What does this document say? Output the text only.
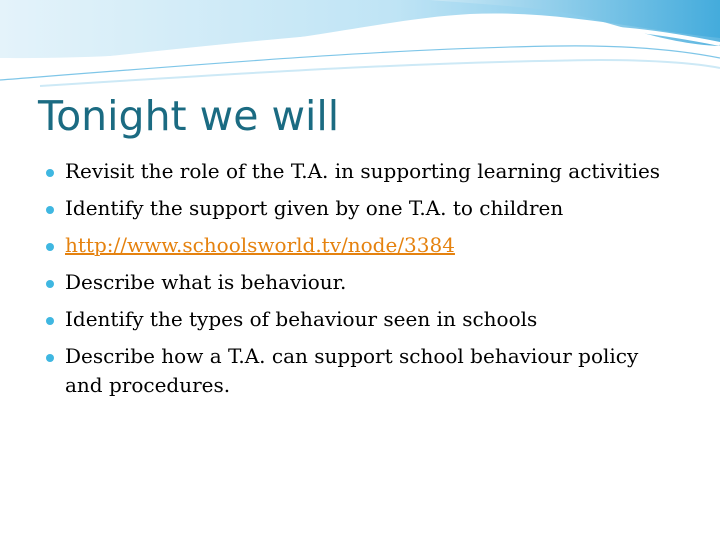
Tonight we will
Revisit the role of the T.A. in supporting learning activities
Identify the support given by one T.A. to children
http://www.schoolsworld.tv/node/3384
Describe what is behaviour.
Identify the types of behaviour seen in schools
Describe how a T.A. can support school behaviour policy and procedures.
